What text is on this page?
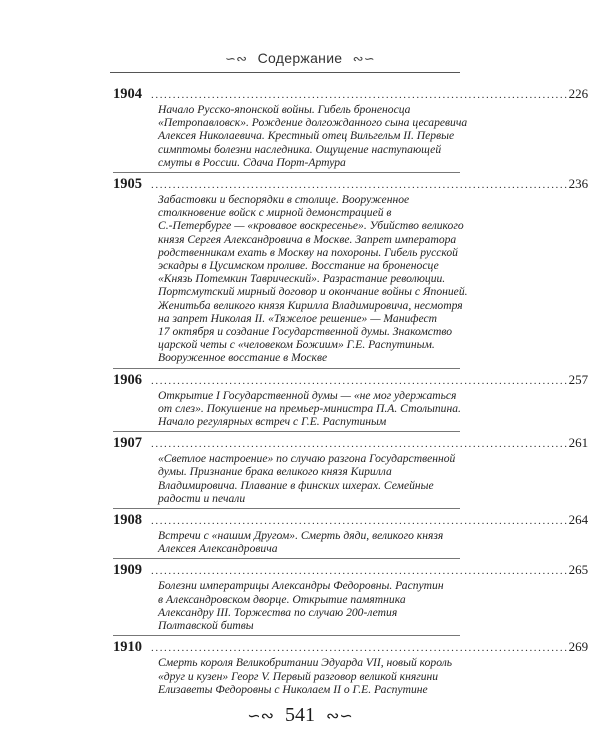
∽∾ Содержание ∾∽
1904 ................................................................................................ 226
Начало Русско-японской войны. Гибель броненосца
«Петропавловск». Рождение долгожданного сына цесаревича
Алексея Николаевича. Крестный отец Вильгельм II. Первые
симптомы болезни наследника. Ощущение наступающей
смуты в России. Сдача Порт-Артура
1905 ................................................................................................ 236
Забастовки и беспорядки в столице. Вооруженное
столкновение войск с мирной демонстрацией в
С.-Петербурге — «кровавое воскресенье». Убийство великого
князя Сергея Александровича в Москве. Запрет императора
родственникам ехать в Москву на похороны. Гибель русской
эскадры в Цусимском проливе. Восстание на броненосце
«Князь Потемкин Таврический». Разрастание революции.
Портсмутский мирный договор и окончание войны с Японией.
Женитьба великого князя Кирилла Владимировича, несмотря
на запрет Николая II. «Тяжелое решение» — Манифест
17 октября и создание Государственной думы. Знакомство
царской четы с «человеком Божиим» Г.Е. Распутиным.
Вооруженное восстание в Москве
1906 ................................................................................................ 257
Открытие I Государственной думы — «не мог удержаться
от слез». Покушение на премьер-министра П.А. Столыпина.
Начало регулярных встреч с Г.Е. Распутиным
1907 ................................................................................................ 261
«Светлое настроение» по случаю разгона Государственной
думы. Признание брака великого князя Кирилла
Владимировича. Плавание в финских шхерах. Семейные
радости и печали
1908 ................................................................................................ 264
Встречи с «нашим Другом». Смерть дяди, великого князя
Алексея Александровича
1909 ................................................................................................ 265
Болезни императрицы Александры Федоровны. Распутин
в Александровском дворце. Открытие памятника
Александру III. Торжества по случаю 200-летия
Полтавской битвы
1910 ................................................................................................ 269
Смерть короля Великобритании Эдуарда VII, новый король
«друг и кузен» Георг V. Первый разговор великой княгини
Елизаветы Федоровны с Николаем II о Г.Е. Распутине
∽∾ 541 ∾∽
